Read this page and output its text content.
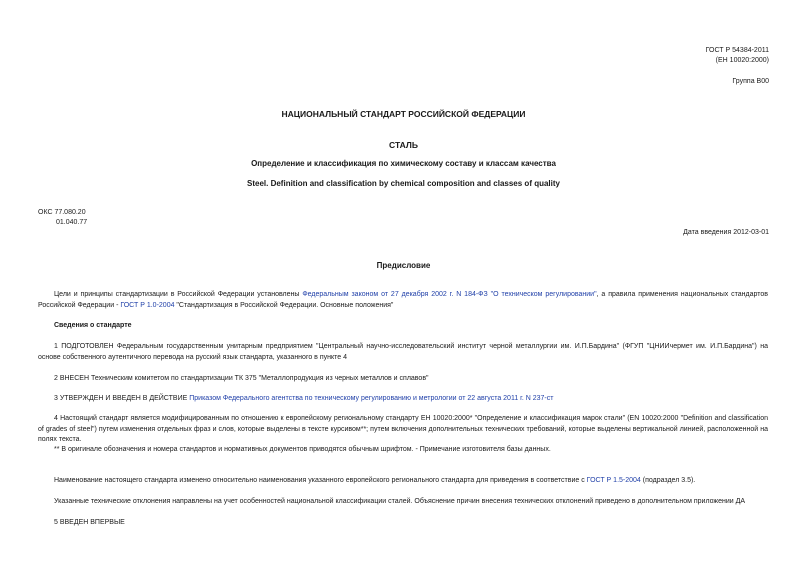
ГОСТ Р 54384-2011
(ЕН 10020:2000)
Группа В00
НАЦИОНАЛЬНЫЙ СТАНДАРТ РОССИЙСКОЙ ФЕДЕРАЦИИ
СТАЛЬ
Определение и классификация по химическому составу и классам качества
Steel. Definition and classification by chemical composition and classes of quality
ОКС 77.080.20
01.040.77
Дата введения 2012-03-01
Предисловие
Цели и принципы стандартизации в Российской Федерации установлены Федеральным законом от 27 декабря 2002 г. N 184-ФЗ "О техническом регулировании", а правила применения национальных стандартов Российской Федерации - ГОСТ Р 1.0-2004 "Стандартизация в Российской Федерации. Основные положения"
Сведения о стандарте
1 ПОДГОТОВЛЕН Федеральным государственным унитарным предприятием "Центральный научно-исследовательский институт черной металлургии им. И.П.Бардина" (ФГУП "ЦНИИчермет им. И.П.Бардина") на основе собственного аутентичного перевода на русский язык стандарта, указанного в пункте 4
2 ВНЕСЕН Техническим комитетом по стандартизации ТК 375 "Металлопродукция из черных металлов и сплавов"
3 УТВЕРЖДЕН И ВВЕДЕН В ДЕЙСТВИЕ Приказом Федерального агентства по техническому регулированию и метрологии от 22 августа 2011 г. N 237-ст
4 Настоящий стандарт является модифицированным по отношению к европейскому региональному стандарту ЕН 10020:2000* "Определение и классификация марок стали" (EN 10020:2000 "Definition and classification of grades of steel") путем изменения отдельных фраз и слов, которые выделены в тексте курсивом**; путем включения дополнительных технических требований, которые выделены вертикальной линией, расположенной на полях текста.
** В оригинале обозначения и номера стандартов и нормативных документов приводятся обычным шрифтом. - Примечание изготовителя базы данных.
Наименование настоящего стандарта изменено относительно наименования указанного европейского регионального стандарта для приведения в соответствие с ГОСТ Р 1.5-2004 (подраздел 3.5).
Указанные технические отклонения направлены на учет особенностей национальной классификации сталей. Объяснение причин внесения технических отклонений приведено в дополнительном приложении ДА
5 ВВЕДЕН ВПЕРВЫЕ
